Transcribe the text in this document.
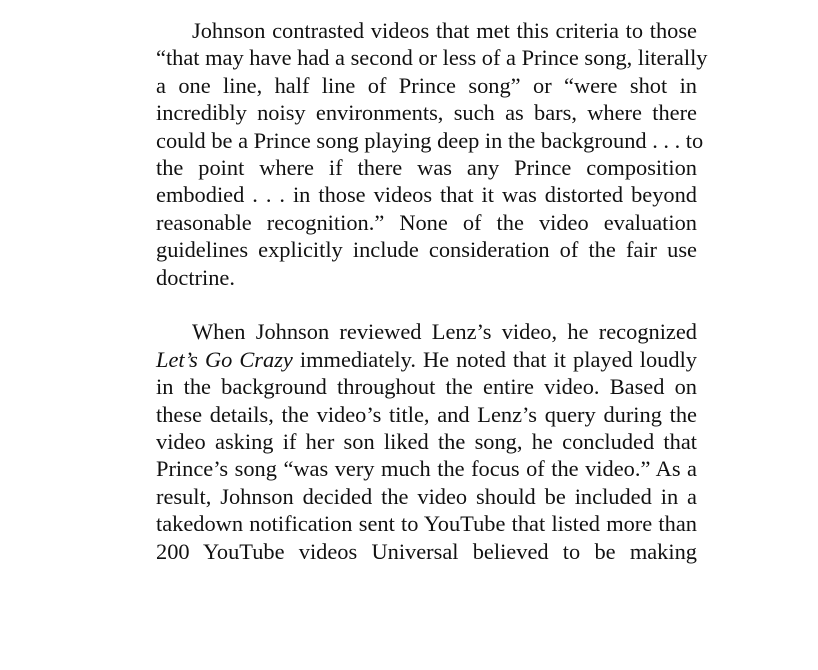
Johnson contrasted videos that met this criteria to those
“that may have had a second or less of a Prince song, literally
a one line, half line of Prince song” or “were shot in
incredibly noisy environments, such as bars, where there
could be a Prince song playing deep in the background . . . to
the point where if there was any Prince composition
embodied . . . in those videos that it was distorted beyond
reasonable recognition.” None of the video evaluation
guidelines explicitly include consideration of the fair use
doctrine.
When Johnson reviewed Lenz’s video, he recognized
Let’s Go Crazy immediately. He noted that it played loudly
in the background throughout the entire video. Based on
these details, the video’s title, and Lenz’s query during the
video asking if her son liked the song, he concluded that
Prince’s song “was very much the focus of the video.” As a
result, Johnson decided the video should be included in a
takedown notification sent to YouTube that listed more than
200 YouTube videos Universal believed to be making
